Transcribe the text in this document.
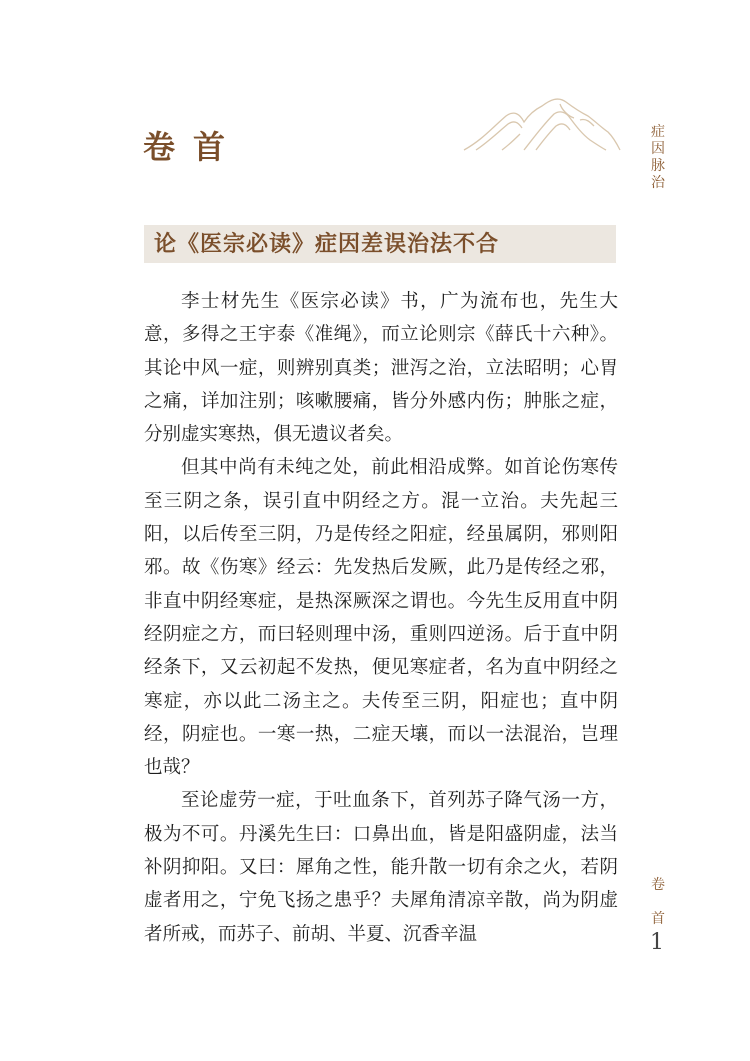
卷首	症因脉治
论《医宗必读》症因差误治法不合

李士材先生《医宗必读》书，广为流布也，先生大意，多得之王宇泰《准绳》，而立论则宗《薛氏十六种》。其论中风一症，则辨别真类；泄泻之治，立法昭明；心胃之痛，详加注别；咳嗽腰痛，皆分外感内伤；肿胀之症，分别虚实寒热，俱无遗议者矣。

但其中尚有未纯之处，前此相沿成弊。如首论伤寒传至三阴之条，误引直中阴经之方。混一立治。夫先起三阳，以后传至三阴，乃是传经之阳症，经虽属阴，邪则阳邪。故《伤寒》经云：先发热后发厥，此乃是传经之邪，非直中阴经寒症，是热深厥深之谓也。今先生反用直中阴经阴症之方，而曰轻则理中汤，重则四逆汤。后于直中阴经条下，又云初起不发热，便见寒症者，名为直中阴经之寒症，亦以此二汤主之。夫传至三阴，阳症也；直中阴经，阴症也。一寒一热，二症天壤，而以一法混治，岂理也哉？

至论虚劳一症，于吐血条下，首列苏子降气汤一方，极为不可。丹溪先生曰：口鼻出血，皆是阳盛阴虚，法当补阴抑阳。又曰：犀角之性，能升散一切有余之火，若阴虚者用之，宁免飞扬之患乎？夫犀角清凉辛散，尚为阴虚者所戒，而苏子、前胡、半夏、沉香辛温

卷首
1
